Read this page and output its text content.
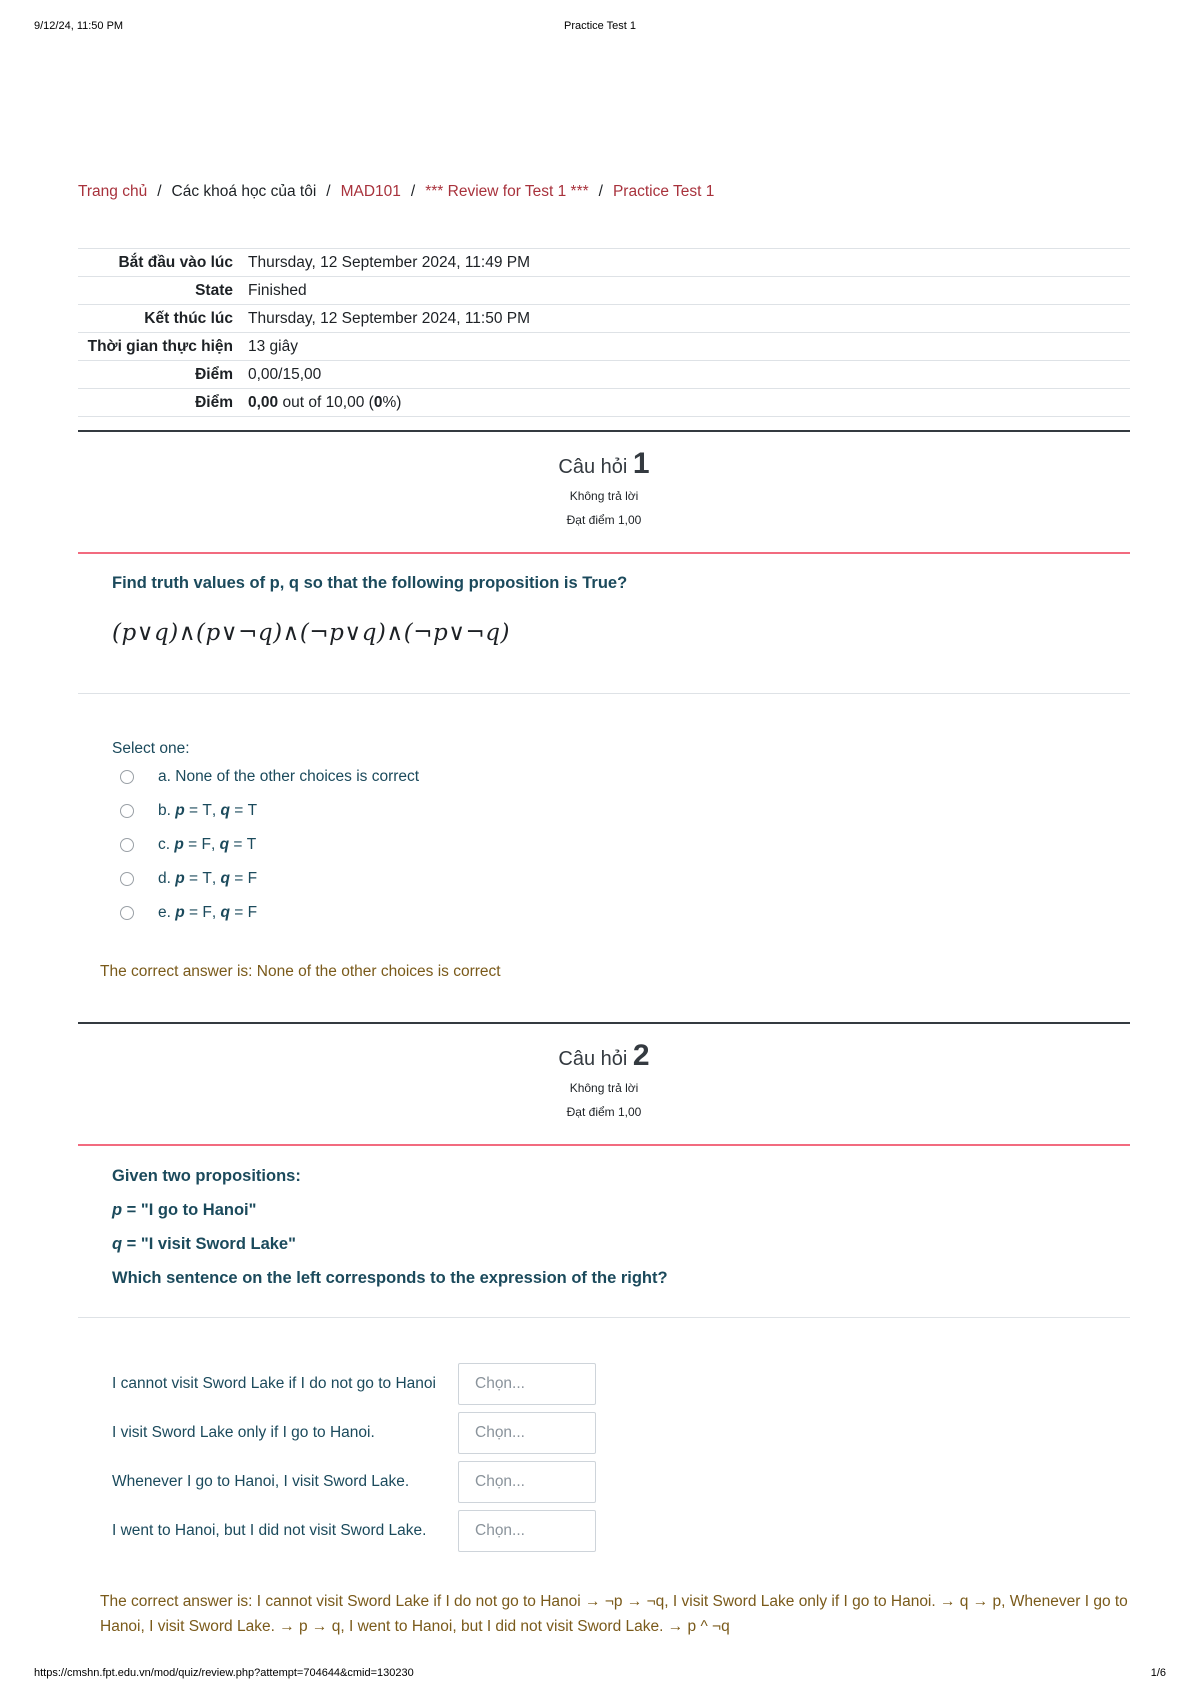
9/12/24, 11:50 PM	Practice Test 1
Trang chủ / Các khoá học của tôi / MAD101 / *** Review for Test 1 *** / Practice Test 1
Bắt đầu vào lúc	Thursday, 12 September 2024, 11:49 PM
State	Finished
Kết thúc lúc	Thursday, 12 September 2024, 11:50 PM
Thời gian thực hiện	13 giây
Điểm	0,00/15,00
Điểm	0,00 out of 10,00 (0%)
Câu hỏi 1
Không trả lời
Đạt điểm 1,00
Find truth values of p, q so that the following proposition is True?
(p∨q)∧(p∨¬q)∧(¬p∨q)∧(¬p∨¬q)
Select one:
a.
None of the other choices is correct
b.
p = T , q = T
c.
p = F , q = T
d.
p = T , q = F
e.
p = F , q = F
The correct answer is: None of the other choices is correct
Câu hỏi 2
Không trả lời
Đạt điểm 1,00
Given two propositions:
p = "I go to Hanoi"
q = "I visit Sword Lake"
Which sentence on the left corresponds to the expression of the right?
I cannot visit Sword Lake if I do not go to Hanoi	Chọn...
I visit Sword Lake only if I go to Hanoi.	Chọn...
Whenever I go to Hanoi, I visit Sword Lake.	Chọn...
I went to Hanoi, but I did not visit Sword Lake.	Chọn...
The correct answer is: I cannot visit Sword Lake if I do not go to Hanoi → ¬p → ¬q, I visit Sword Lake only if I go to Hanoi. → q → p, Whenever I go to Hanoi, I visit Sword Lake. → p → q, I went to Hanoi, but I did not visit Sword Lake. → p ^ ¬q
https://cmshn.fpt.edu.vn/mod/quiz/review.php?attempt=704644&cmid=130230	1/6
